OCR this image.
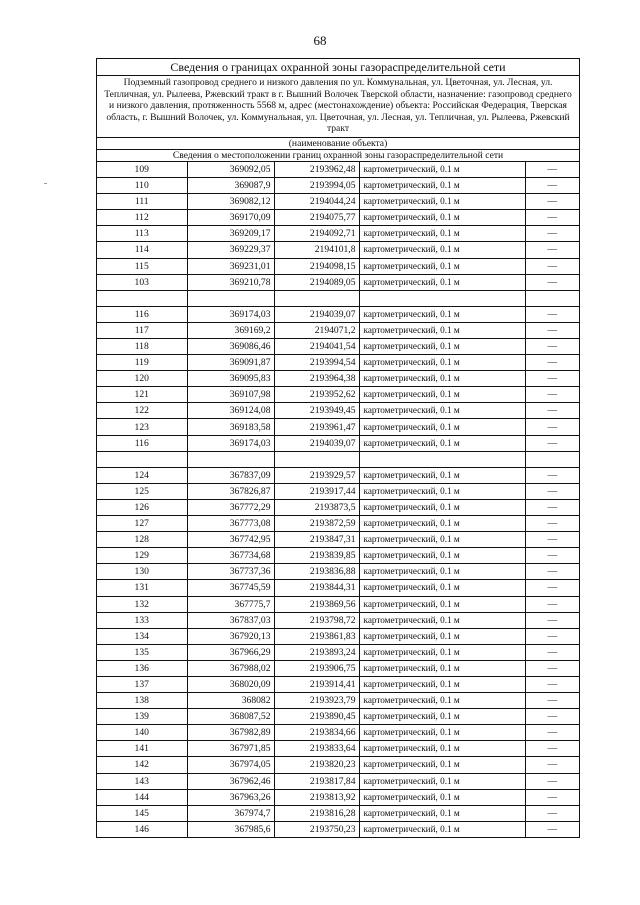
68
Сведения о границах охранной зоны газораспределительной сети
Подземный газопровод среднего и низкого давления по ул. Коммунальная, ул. Цветочная, ул. Лесная, ул. Тепличная, ул. Рылеева, Ржевский тракт в г. Вышний Волочек Тверской области, назначение: газопровод среднего и низкого давления, протяженность 5568 м, адрес (местонахождение) объекта: Российская Федерация, Тверская область, г. Вышний Волочек, ул. Коммунальная, ул. Цветочная, ул. Лесная, ул. Тепличная, ул. Рылеева, Ржевский тракт
(наименование объекта)
Сведения о местоположении границ охранной зоны газораспределительной сети
109	369092,05	2193962,48	картометрический, 0.1 м	—
110	369087,9	2193994,05	картометрический, 0.1 м	—
111	369082,12	2194044,24	картометрический, 0.1 м	—
112	369170,09	2194075,77	картометрический, 0.1 м	—
113	369209,17	2194092,71	картометрический, 0.1 м	—
114	369229,37	2194101,8	картометрический, 0.1 м	—
115	369231,01	2194098,15	картометрический, 0.1 м	—
103	369210,78	2194089,05	картометрический, 0.1 м	—

116	369174,03	2194039,07	картометрический, 0.1 м	—
117	369169,2	2194071,2	картометрический, 0.1 м	—
118	369086,46	2194041,54	картометрический, 0.1 м	—
119	369091,87	2193994,54	картометрический, 0.1 м	—
120	369095,83	2193964,38	картометрический, 0.1 м	—
121	369107,98	2193952,62	картометрический, 0.1 м	—
122	369124,08	2193949,45	картометрический, 0.1 м	—
123	369183,58	2193961,47	картометрический, 0.1 м	—
116	369174,03	2194039,07	картометрический, 0.1 м	—

124	367837,09	2193929,57	картометрический, 0.1 м	—
125	367826,87	2193917,44	картометрический, 0.1 м	—
126	367772,29	2193873,5	картометрический, 0.1 м	—
127	367773,08	2193872,59	картометрический, 0.1 м	—
128	367742,95	2193847,31	картометрический, 0.1 м	—
129	367734,68	2193839,85	картометрический, 0.1 м	—
130	367737,36	2193836,88	картометрический, 0.1 м	—
131	367745,59	2193844,31	картометрический, 0.1 м	—
132	367775,7	2193869,56	картометрический, 0.1 м	—
133	367837,03	2193798,72	картометрический, 0.1 м	—
134	367920,13	2193861,83	картометрический, 0.1 м	—
135	367966,29	2193893,24	картометрический, 0.1 м	—
136	367988,02	2193906,75	картометрический, 0.1 м	—
137	368020,09	2193914,41	картометрический, 0.1 м	—
138	368082	2193923,79	картометрический, 0.1 м	—
139	368087,52	2193890,45	картометрический, 0.1 м	—
140	367982,89	2193834,66	картометрический, 0.1 м	—
141	367971,85	2193833,64	картометрический, 0.1 м	—
142	367974,05	2193820,23	картометрический, 0.1 м	—
143	367962,46	2193817,84	картометрический, 0.1 м	—
144	367963,26	2193813,92	картометрический, 0.1 м	—
145	367974,7	2193816,28	картометрический, 0.1 м	—
146	367985,6	2193750,23	картометрический, 0.1 м	—
